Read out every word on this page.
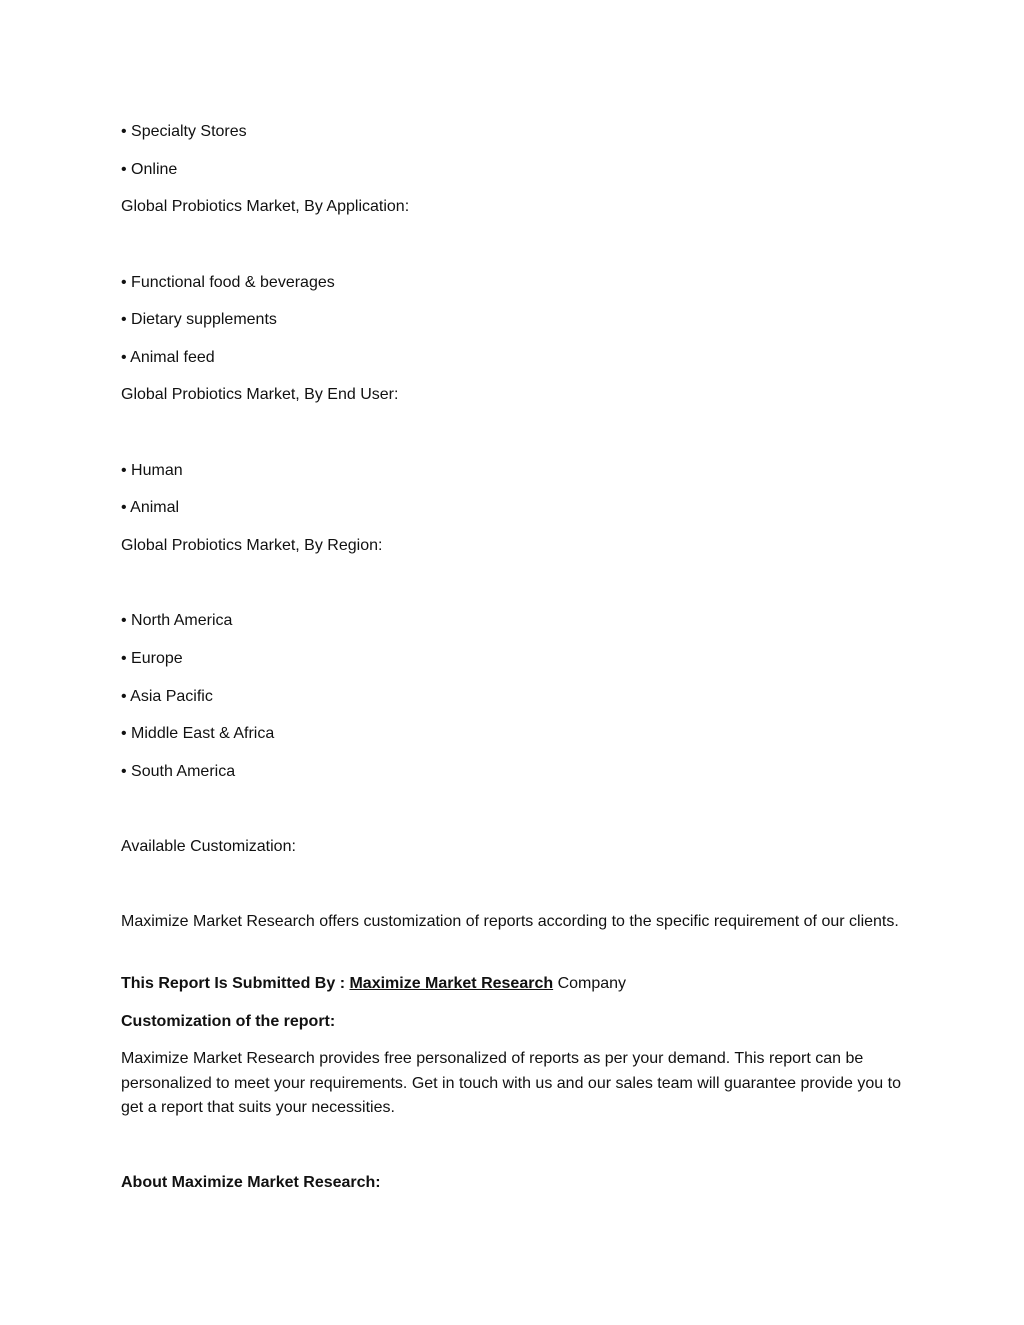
• Specialty Stores

• Online

Global Probiotics Market, By Application:

• Functional food & beverages

• Dietary supplements

• Animal feed

Global Probiotics Market, By End User:

• Human

• Animal

Global Probiotics Market, By Region:

• North America

• Europe

• Asia Pacific

• Middle East & Africa

• South America

Available Customization:

Maximize Market Research offers customization of reports according to the specific requirement of our clients.

This Report Is Submitted By : Maximize Market Research Company

Customization of the report:

Maximize Market Research provides free personalized of reports as per your demand. This report can be personalized to meet your requirements. Get in touch with us and our sales team will guarantee provide you to get a report that suits your necessities.

About Maximize Market Research:
